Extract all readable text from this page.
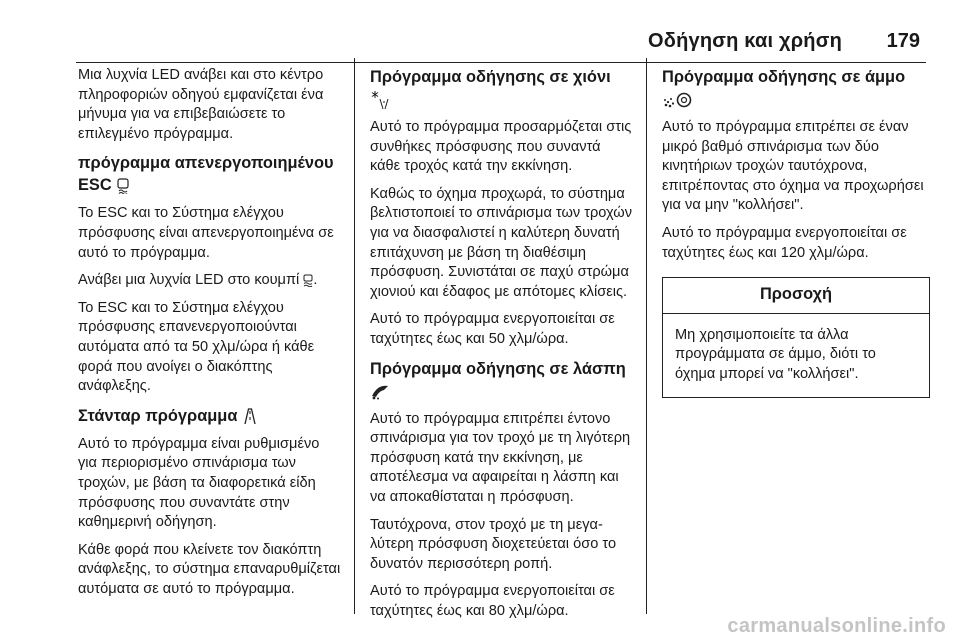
Οδήγηση και χρήση 179

Μια λυχνία LED ανάβει και στο κέντρο πληροφοριών οδηγού εμφανίζεται ένα μήνυμα για να επιβεβαιώσετε το επιλεγμένο πρόγραμμα.

πρόγραμμα απενεργοποιημένου ESC

Το ESC και το Σύστημα ελέγχου πρόσφυσης είναι απενεργοποιημένα σε αυτό το πρόγραμμα.

Ανάβει μια λυχνία LED στο κουμπί .

Το ESC και το Σύστημα ελέγχου πρόσφυσης επανενεργοποιούνται αυτόματα από τα 50 χλμ/ώρα ή κάθε φορά που ανοίγει ο διακόπτης ανάφλεξης.

Στάνταρ πρόγραμμα

Αυτό το πρόγραμμα είναι ρυθμισμένο για περιορισμένο σπινάρισμα των τροχών, με βάση τα διαφορετικά είδη πρόσφυσης που συναντάτε στην καθημερινή οδήγηση.

Κάθε φορά που κλείνετε τον διακόπτη ανάφλεξης, το σύστημα επαναρυθμίζεται αυτόματα σε αυτό το πρόγραμμα.

Πρόγραμμα οδήγησης σε χιόνι

Αυτό το πρόγραμμα προσαρμόζεται στις συνθήκες πρόσφυσης που συναντά κάθε τροχός κατά την εκκίνηση.

Καθώς το όχημα προχωρά, το σύστημα βελτιστοποιεί το σπινάρισμα των τροχών για να διασφαλιστεί η καλύτερη δυνατή επιτάχυνση με βάση τη διαθέσιμη πρόσφυση. Συνιστάται σε παχύ στρώμα χιονιού και έδαφος με απότομες κλίσεις.

Αυτό το πρόγραμμα ενεργοποιείται σε ταχύτητες έως και 50 χλμ/ώρα.

Πρόγραμμα οδήγησης σε λάσπη

Αυτό το πρόγραμμα επιτρέπει έντονο σπινάρισμα για τον τροχό με τη λιγότερη πρόσφυση κατά την εκκίνηση, με αποτέλεσμα να αφαιρείται η λάσπη και να αποκαθίσταται η πρόσφυση.

Ταυτόχρονα, στον τροχό με τη μεγαλύτερη πρόσφυση διοχετεύεται όσο το δυνατόν περισσότερη ροπή.

Αυτό το πρόγραμμα ενεργοποιείται σε ταχύτητες έως και 80 χλμ/ώρα.

Πρόγραμμα οδήγησης σε άμμο

Αυτό το πρόγραμμα επιτρέπει σε έναν μικρό βαθμό σπινάρισμα των δύο κινητήριων τροχών ταυτόχρονα, επιτρέποντας στο όχημα να προχωρήσει για να μην "κολλήσει".

Αυτό το πρόγραμμα ενεργοποιείται σε ταχύτητες έως και 120 χλμ/ώρα.

Προσοχή

Μη χρησιμοποιείτε τα άλλα προγράμματα σε άμμο, διότι το όχημα μπορεί να "κολλήσει".

carmanualsonline.info
